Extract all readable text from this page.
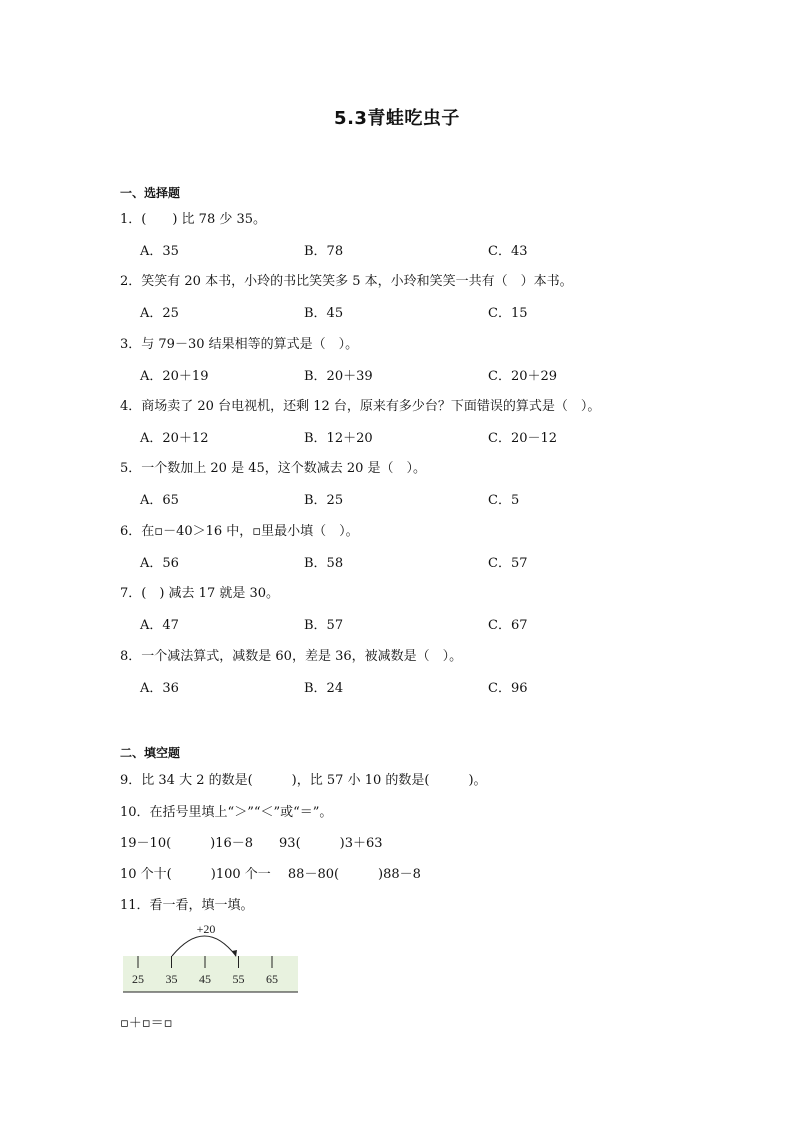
5.3青蛙吃虫子
一、选择题
1．(　　) 比 78 少 35。
A．35	B．78	C．43
2．笑笑有 20 本书，小玲的书比笑笑多 5 本，小玲和笑笑一共有（　）本书。
A．25	B．45	C．15
3．与 79－30 结果相等的算式是（　）。
A．20＋19	B．20＋39	C．20＋29
4．商场卖了 20 台电视机，还剩 12 台，原来有多少台？下面错误的算式是（　）。
A．20＋12	B．12＋20	C．20－12
5．一个数加上 20 是 45，这个数减去 20 是（　）。
A．65	B．25	C．5
6．在▫－40＞16 中，▫里最小填（　）。
A．56	B．58	C．57
7．(　) 减去 17 就是 30。
A．47	B．57	C．67
8．一个减法算式，减数是 60，差是 36，被减数是（　）。
A．36	B．24	C．96
二、填空题
9．比 34 大 2 的数是(　　　)，比 57 小 10 的数是(　　　)。
10．在括号里填上“＞”“＜”或“＝”。
19－10(　　　)16－8　　93(　　　)3＋63
10 个十(　　　)100 个一　 88－80(　　　)88－8
11．看一看，填一填。
25 35 45 55 65
+20
▫＋▫＝▫
